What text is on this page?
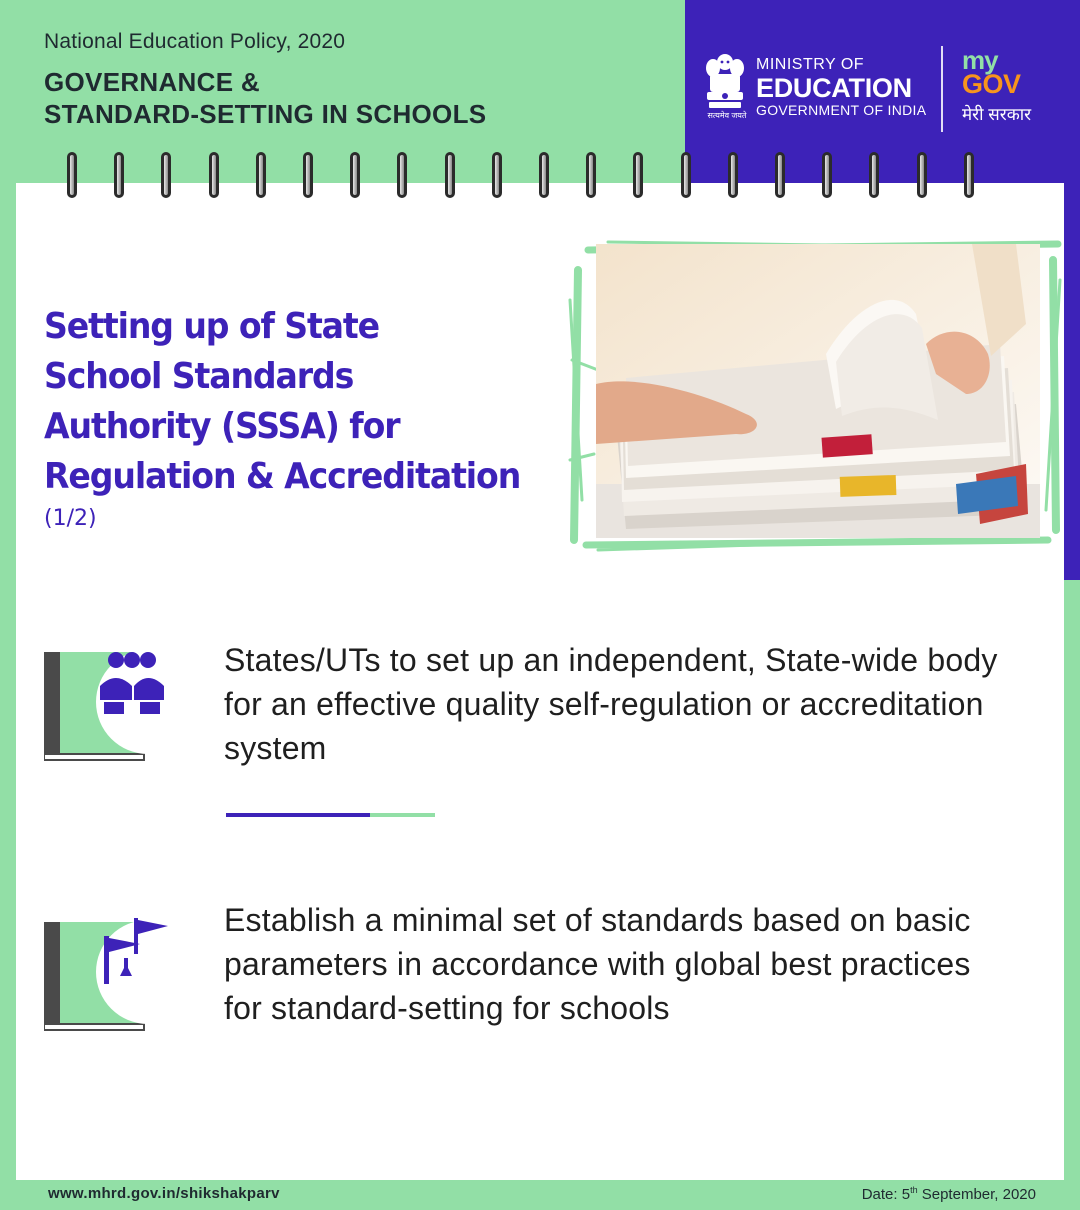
National Education Policy, 2020
GOVERNANCE &
STANDARD-SETTING IN SCHOOLS	सत्यमेव जयते
MINISTRY OF
EDUCATION
GOVERNMENT OF INDIA
my
GOV
मेरी सरकार
Setting up of State
School Standards
Authority (SSSA) for
Regulation & Accreditation
(1/2)
States/UTs to set up an independent, State-wide body for an effective quality self-regulation or accreditation system
Establish a minimal set of standards based on basic parameters in accordance with global best practices for standard-setting for schools
www.mhrd.gov.in/shikshakparv	Date: 5th September, 2020
